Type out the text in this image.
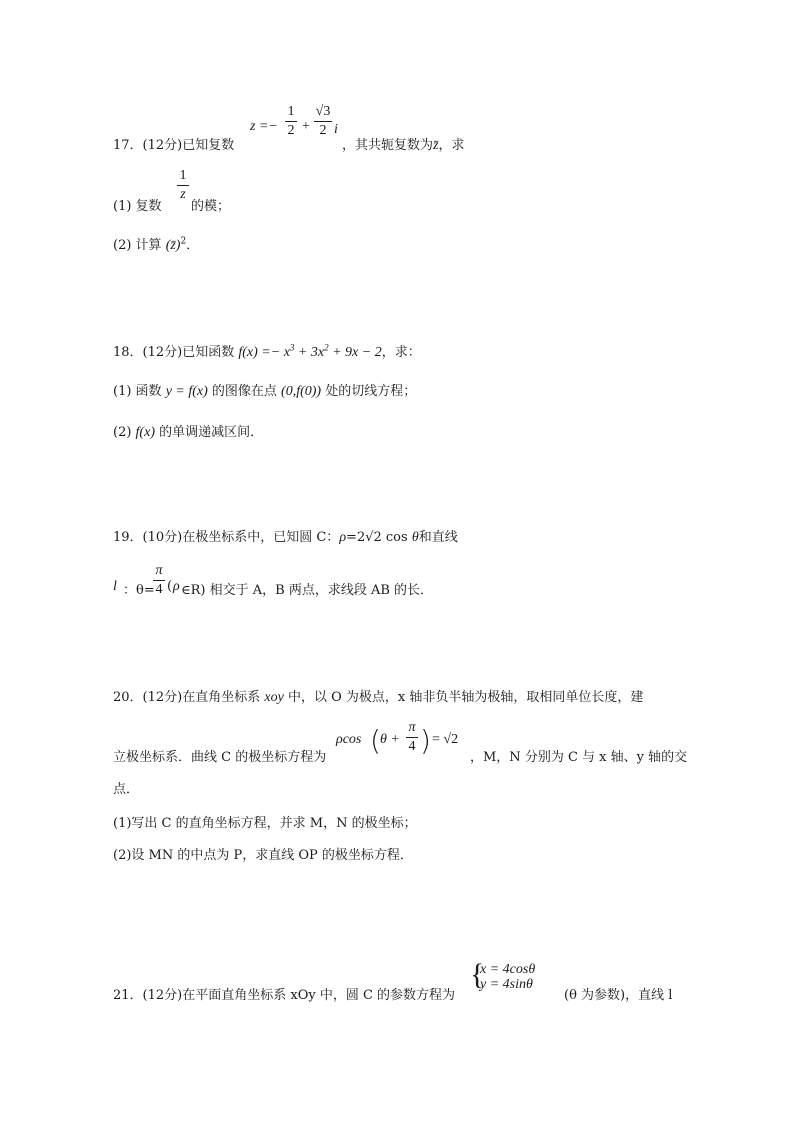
17．(12分)已知复数
z =−
1
2 +
√3
2 i
，其共轭复数为z̄，求
1
z
(1) 复数 的模；
(2) 计算 (z̄)$^2$．
18．(12分)已知函数 $f(x) =- x^3 + 3x^2 + 9x - 2$，求：
(1) 函数 y = f(x) 的图像在点 (0,f(0)) 处的切线方程；
(2) f(x) 的单调递减区间．
19．(10分)在极坐标系中，已知圆 C：ρ=2√2 cos θ和直线
l ：θ=
π
4 ( ρ ∈R) 相交于 A，B 两点，求线段 AB 的长．
20．(12分)在直角坐标系 xoy 中，以 O 为极点，x 轴非负半轴为极轴，取相同单位长度，建
立极坐标系．曲线 C 的极坐标方程为
ρcos ( θ +
π
4 ) = √2
，M，N 分别为 C 与 x 轴、y 轴的交
点．
(1)写出 C 的直角坐标方程，并求 M，N 的极坐标；
(2)设 MN 的中点为 P，求直线 OP 的极坐标方程．
21．(12分)在平面直角坐标系 xOy 中，圆 C 的参数方程为
{
x = 4cosθ
y = 4sinθ
(θ 为参数)，直线 l
